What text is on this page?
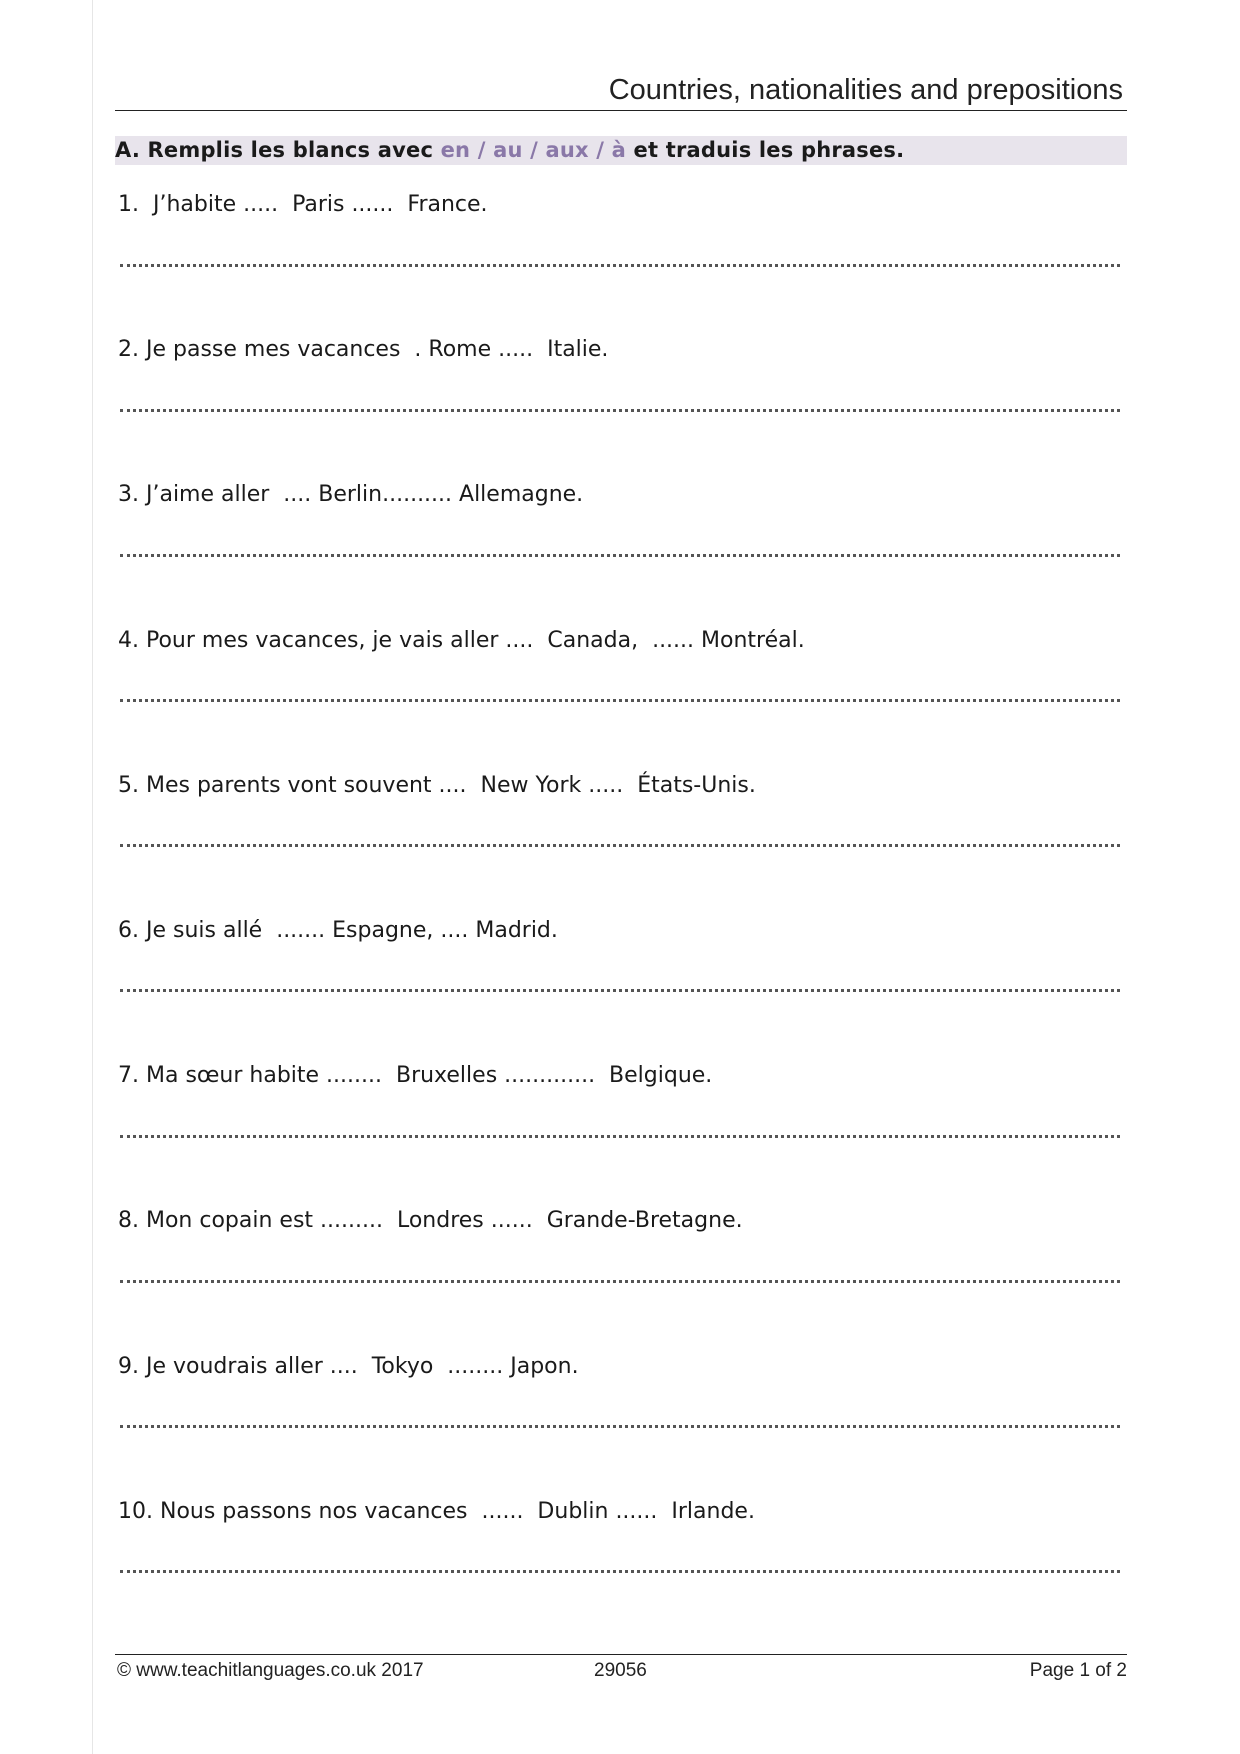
Countries, nationalities and prepositions
A. Remplis les blancs avec en / au / aux / à et traduis les phrases.
1.  J’habite .....  Paris ......  France.
2. Je passe mes vacances  . Rome .....  Italie.
3. J’aime aller  .... Berlin.......... Allemagne.
4. Pour mes vacances, je vais aller ....  Canada,  ...... Montréal.
5. Mes parents vont souvent ....  New York .....  États-Unis.
6. Je suis allé  ....... Espagne, .... Madrid.
7. Ma sœur habite ........  Bruxelles .............  Belgique.
8. Mon copain est .........  Londres ......  Grande-Bretagne.
9. Je voudrais aller ....  Tokyo  ........ Japon.
10. Nous passons nos vacances  ......  Dublin ......  Irlande.
© www.teachitlanguages.co.uk 2017	29056	Page 1 of 2
